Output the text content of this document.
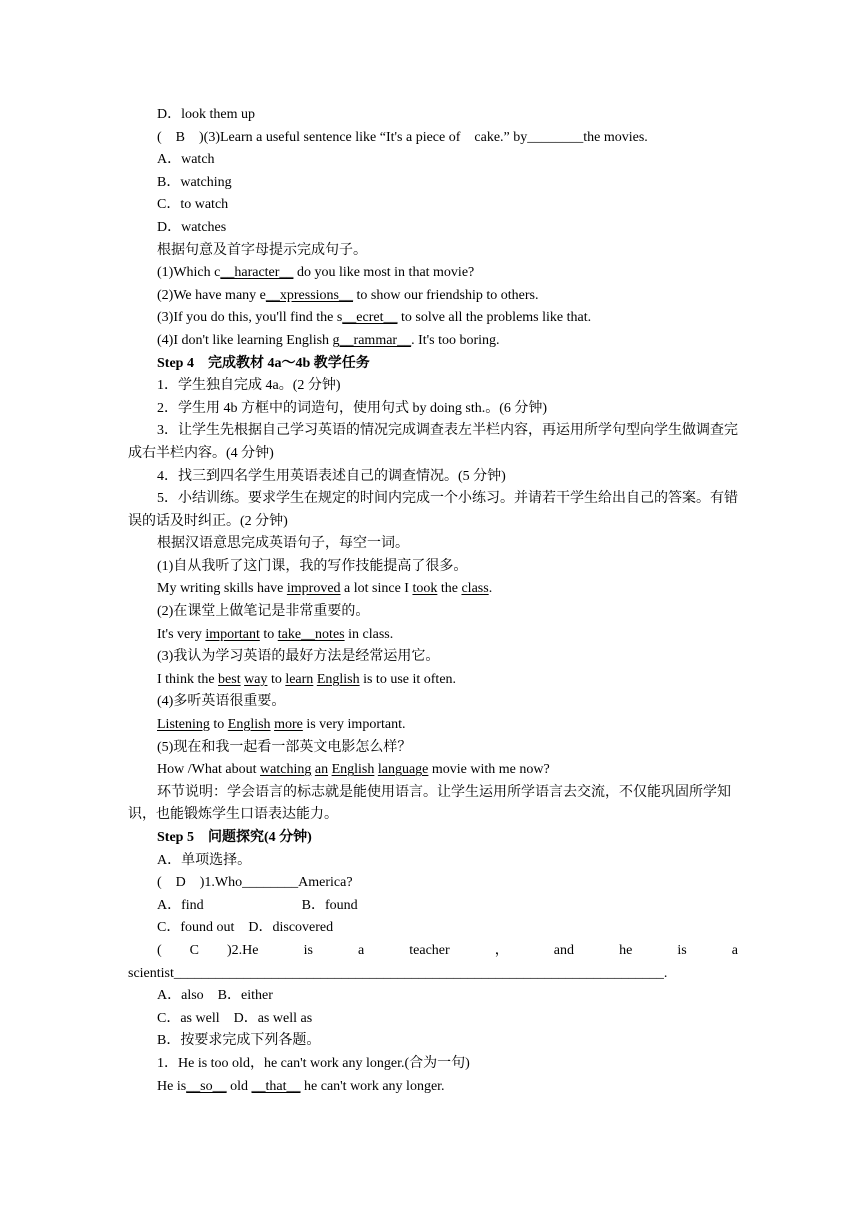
D．look them up

(　B　)(3)Learn a useful sentence like “It's a piece of　cake.” by________the movies.

A．watch

B．watching

C．to watch

D．watches

根据句意及首字母提示完成句子。

(1)Which c__haracter__ do you like most in that movie?

(2)We have many e__xpressions__ to show our friendship to others.

(3)If you do this, you'll find the s__ecret__ to solve all the problems like that.

(4)I don't like learning English g__rammar__. It's too boring.

Step 4　完成教材 4a～4b 教学任务

1．学生独自完成 4a。(2 分钟)

2．学生用 4b 方框中的词造句，使用句式 by doing sth.。(6 分钟)

3．让学生先根据自己学习英语的情况完成调查表左半栏内容，再运用所学句型向学生做调查完成右半栏内容。(4 分钟)

4．找三到四名学生用英语表述自己的调查情况。(5 分钟)

5．小结训练。要求学生在规定的时间内完成一个小练习。并请若干学生给出自己的答案。有错误的话及时纠正。(2 分钟)

根据汉语意思完成英语句子，每空一词。

(1)自从我听了这门课，我的写作技能提高了很多。

My writing skills have improved a lot since I took the class.

(2)在课堂上做笔记是非常重要的。

It's very important to take__notes in class.

(3)我认为学习英语的最好方法是经常运用它。

I think the best way to learn English is to use it often.

(4)多听英语很重要。

Listening to English more is very important.

(5)现在和我一起看一部英文电影怎么样？

How /What about watching an English language movie with me now?

环节说明：学会语言的标志就是能使用语言。让学生运用所学语言去交流，不仅能巩固所学知识，也能锻炼学生口语表达能力。

Step 5　问题探究(4 分钟)

A．单项选择。

(　D　)1.Who________America?

A．find　　　　　　　B．found

C．found out　D．discovered

(　　C　　)2.He	is	a	teacher	，	and	he	is	a

scientist______________________________________________________________________.

A．also　B．either

C．as well　D．as well as

B．按要求完成下列各题。

1．He is too old，he can't work any longer.(合为一句)

He is__so__ old __that__ he can't work any longer.
